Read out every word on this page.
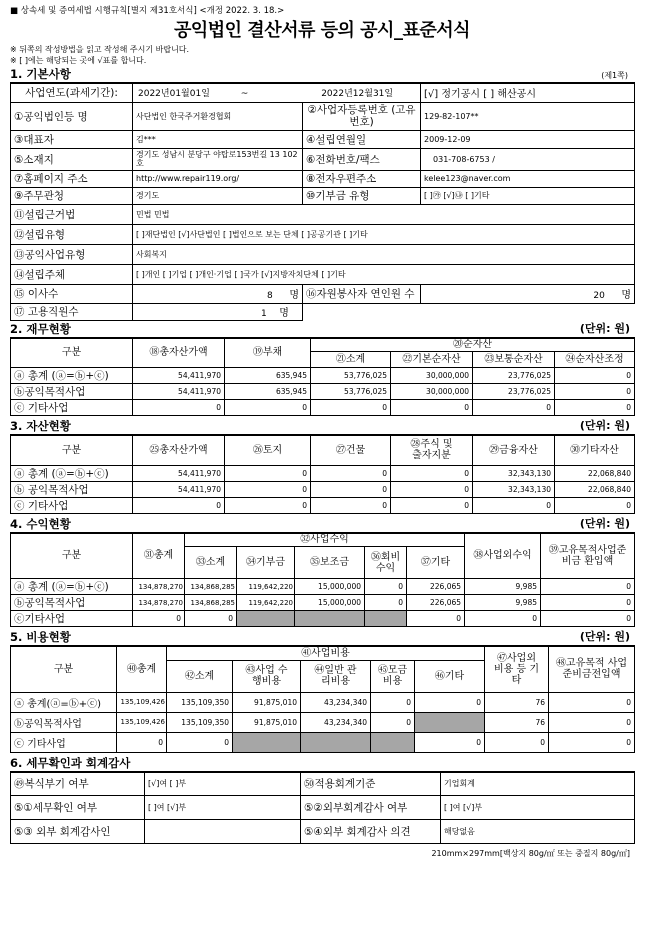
■ 상속세 및 증여세법 시행규칙[별지 제31호서식] <개정 2022. 3. 18.>
공익법인 결산서류 등의 공시_표준서식
※ 뒤쪽의 작성방법을 읽고 작성해 주시기 바랍니다.
※ [ ]에는 해당되는 곳에 √표를 합니다.
(제1쪽)
1. 기본사항
사업연도(과세기간):	2022년01월01일 ~ 2022년12월31일		[√] 정기공시 [ ] 해산공시
①공익법인등 명	사단법인 한국주거환경협회	②사업자등록번호 (고유번호)	129-82-107**
③대표자	김***	④설립연월일	2009-12-09
⑤소재지	경기도 성남시 분당구 야탑로153번길 13 102호	⑥전화번호/팩스	031-708-6753 /
⑦홈페이지 주소	http://www.repair119.org/	⑧전자우편주소	kelee123@naver.com
⑨주무관청	경기도	⑩기부금 유형	[ ]㉮ [√]㉯ [ ]기타
⑪설립근거법	민법 민법		
⑫설립유형	[ ]재단법인 [√]사단법인 [ ]법인으로 보는 단체 [ ]공공기관 [ ]기타		
⑬공익사업유형	사회복지		
⑭설립주체	[ ]개인 [ ]기업 [ ]개인·기업 [ ]국가 [√]지방자치단체 [ ]기타		
⑮ 이사수	8 명	⑯자원봉사자 연인원 수	20 명
⑰ 고용직원수	1 명		
2. 재무현황	(단위: 원)
구분	⑱총자산가액	⑲부채	⑳순자산			
			㉑소계	㉒기본순자산	㉓보통순자산	㉔순자산조정
ⓐ 총계 (ⓐ=ⓑ+ⓒ)	54,411,970	635,945	53,776,025	30,000,000	23,776,025	0
ⓑ공익목적사업	54,411,970	635,945	53,776,025	30,000,000	23,776,025	0
ⓒ 기타사업	0	0	0	0	0	0
3. 자산현황	(단위: 원)
구분	㉕총자산가액	㉖토지	㉗건물	㉘주식 및 출자지분	㉙금융자산	㉚기타자산
ⓐ 총계 (ⓐ=ⓑ+ⓒ)	54,411,970	0	0	0	32,343,130	22,068,840
ⓑ 공익목적사업	54,411,970	0	0	0	32,343,130	22,068,840
ⓒ 기타사업	0	0	0	0	0	0
4. 수익현황	(단위: 원)
구분	㉛총계	㉜사업수익					㊳사업외수익	㊴고유목적사업준비금 환입액
		㉝소계	㉞기부금	㉟보조금	㊱회비 수익	㊲기타		
ⓐ 총계 (ⓐ=ⓑ+ⓒ)	134,878,270	134,868,285	119,642,220	15,000,000	0	226,065	9,985	0
ⓑ공익목적사업	134,878,270	134,868,285	119,642,220	15,000,000	0	226,065	9,985	0
ⓒ기타사업	0	0				0	0	0
5. 비용현황	(단위: 원)
구분	㊵총계	㊶사업비용					㊼사업외 비용 등 기타	㊽고유목적 사업준비금전입액
		㊷소계	㊸사업 수행비용	㊹일반 관리비용	㊺모금 비용	㊻기타		
ⓐ 총계(ⓐ=ⓑ+ⓒ)	135,109,426	135,109,350	91,875,010	43,234,340	0	0	76	0
ⓑ공익목적사업	135,109,426	135,109,350	91,875,010	43,234,340	0		76	0
ⓒ 기타사업	0	0				0	0	0
6. 세무확인과 회계감사
㊾복식부기 여부	[√]여 [ ]부	㊿적용회계기준	기업회계
⑤①세무확인 여부	[ ]여 [√]부	⑤②외부회계감사 여부	[ ]여 [√]부
⑤③ 외부 회계감사인		⑤④외부 회계감사 의견	해당없음
210mm×297mm[백상지 80g/㎡ 또는 중질지 80g/㎡]
